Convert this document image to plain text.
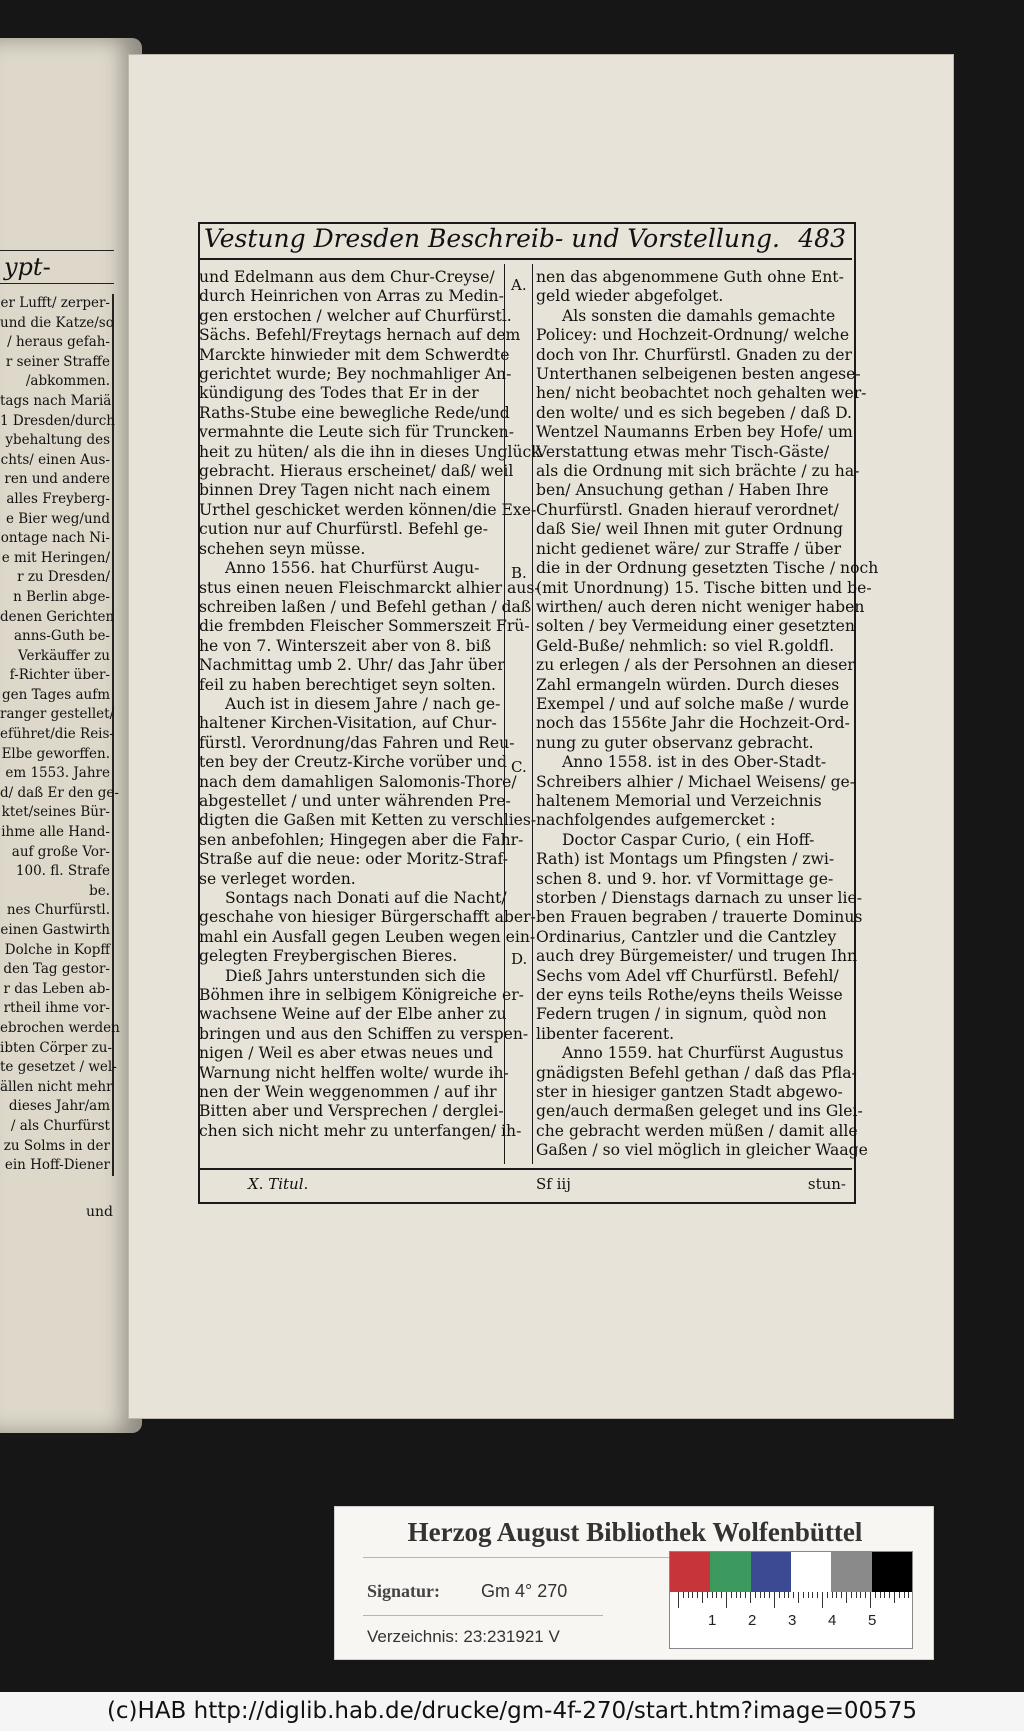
ypt-
er Lufft/ zerper-
und die Katze/so
/ heraus gefah-
r seiner Straffe
/abkommen.
tags nach Mariä
1 Dresden/durch
ybehaltung des
chts/ einen Aus-
ren und andere
alles Freyberg-
e Bier weg/und
ontage nach Ni-
e mit Heringen/
r zu Dresden/
n Berlin abge-
denen Gerichten
anns-Guth be-
Verkäuffer zu
f-Richter über-
gen Tages aufm
ranger gestellet/
eführet/die Reis-
Elbe geworffen.
em 1553. Jahre
d/ daß Er den ge-
ktet/seines Bür-
ihme alle Hand-
auf große Vor-
100. fl. Strafe
be.
nes Churfürstl.
einen Gastwirth
Dolche in Kopff
den Tag gestor-
r das Leben ab-
rtheil ihme vor-
ebrochen werden
ibten Cörper zu-
te gesetzet / wel-
ällen nicht mehr
dieses Jahr/am
/ als Churfürst
zu Solms in der
ein Hoff-Diener
und
Vestung Dresden Beschreib- und Vorstellung. 483
und Edelmann aus dem Chur-Creyse/
durch Heinrichen von Arras zu Medin-
gen erstochen / welcher auf Churfürstl.
Sächs. Befehl/Freytags hernach auf dem
Marckte hinwieder mit dem Schwerdte
gerichtet wurde; Bey nochmahliger An-
kündigung des Todes that Er in der
Raths-Stube eine bewegliche Rede/und
vermahnte die Leute sich für Truncken-
heit zu hüten/ als die ihn in dieses Unglück
gebracht. Hieraus erscheinet/ daß/ weil
binnen Drey Tagen nicht nach einem
Urthel geschicket werden können/die Exe-
cution nur auf Churfürstl. Befehl ge-
schehen seyn müsse.
Anno 1556. hat Churfürst Augu-
stus einen neuen Fleischmarckt alhier aus-
schreiben laßen / und Befehl gethan / daß
die frembden Fleischer Sommerszeit Frü-
he von 7. Winterszeit aber von 8. biß
Nachmittag umb 2. Uhr/ das Jahr über
feil zu haben berechtiget seyn solten.
Auch ist in diesem Jahre / nach ge-
haltener Kirchen-Visitation, auf Chur-
fürstl. Verordnung/das Fahren und Reu-
ten bey der Creutz-Kirche vorüber und
nach dem damahligen Salomonis-Thore/
abgestellet / und unter währenden Pre-
digten die Gaßen mit Ketten zu verschlies-
sen anbefohlen; Hingegen aber die Fahr-
Straße auf die neue: oder Moritz-Straf-
se verleget worden.
Sontags nach Donati auf die Nacht/
geschahe von hiesiger Bürgerschafft aber-
mahl ein Ausfall gegen Leuben wegen ein-
gelegten Freybergischen Bieres.
Dieß Jahrs unterstunden sich die
Böhmen ihre in selbigem Königreiche er-
wachsene Weine auf der Elbe anher zu
bringen und aus den Schiffen zu verspen-
nigen / Weil es aber etwas neues und
Warnung nicht helffen wolte/ wurde ih-
nen der Wein weggenommen / auf ihr
Bitten aber und Versprechen / derglei-
chen sich nicht mehr zu unterfangen/ ih-
A.
B.
C.
D.
nen das abgenommene Guth ohne Ent-
geld wieder abgefolget.
Als sonsten die damahls gemachte
Policey: und Hochzeit-Ordnung/ welche
doch von Ihr. Churfürstl. Gnaden zu der
Unterthanen selbeigenen besten angese-
hen/ nicht beobachtet noch gehalten wer-
den wolte/ und es sich begeben / daß D.
Wentzel Naumanns Erben bey Hofe/ um
Verstattung etwas mehr Tisch-Gäste/
als die Ordnung mit sich brächte / zu ha-
ben/ Ansuchung gethan / Haben Ihre
Churfürstl. Gnaden hierauf verordnet/
daß Sie/ weil Ihnen mit guter Ordnung
nicht gedienet wäre/ zur Straffe / über
die in der Ordnung gesetzten Tische / noch
(mit Unordnung) 15. Tische bitten und be-
wirthen/ auch deren nicht weniger haben
solten / bey Vermeidung einer gesetzten
Geld-Buße/ nehmlich: so viel R.goldfl.
zu erlegen / als der Persohnen an dieser
Zahl ermangeln würden. Durch dieses
Exempel / und auf solche maße / wurde
noch das 1556te Jahr die Hochzeit-Ord-
nung zu guter observanz gebracht.
Anno 1558. ist in des Ober-Stadt-
Schreibers alhier / Michael Weisens/ ge-
haltenem Memorial und Verzeichnis
nachfolgendes aufgemercket :
Doctor Caspar Curio, ( ein Hoff-
Rath) ist Montags um Pfingsten / zwi-
schen 8. und 9. hor. vf Vormittage ge-
storben / Dienstags darnach zu unser lie-
ben Frauen begraben / trauerte Dominus
Ordinarius, Cantzler und die Cantzley
auch drey Bürgemeister/ und trugen Ihn
Sechs vom Adel vff Churfürstl. Befehl/
der eyns teils Rothe/eyns theils Weisse
Federn trugen / in signum, quòd non
libenter facerent.
Anno 1559. hat Churfürst Augustus
gnädigsten Befehl gethan / daß das Pfla-
ster in hiesiger gantzen Stadt abgewo-
gen/auch dermaßen geleget und ins Glei-
che gebracht werden müßen / damit alle
Gaßen / so viel möglich in gleicher Waage
X. Titul.	Sf iij	stun-
Herzog August Bibliothek Wolfenbüttel
Signatur: Gm 4° 270
Verzeichnis: 23:231921 V
1 2 3 4 5
(c)HAB http://diglib.hab.de/drucke/gm-4f-270/start.htm?image=00575
